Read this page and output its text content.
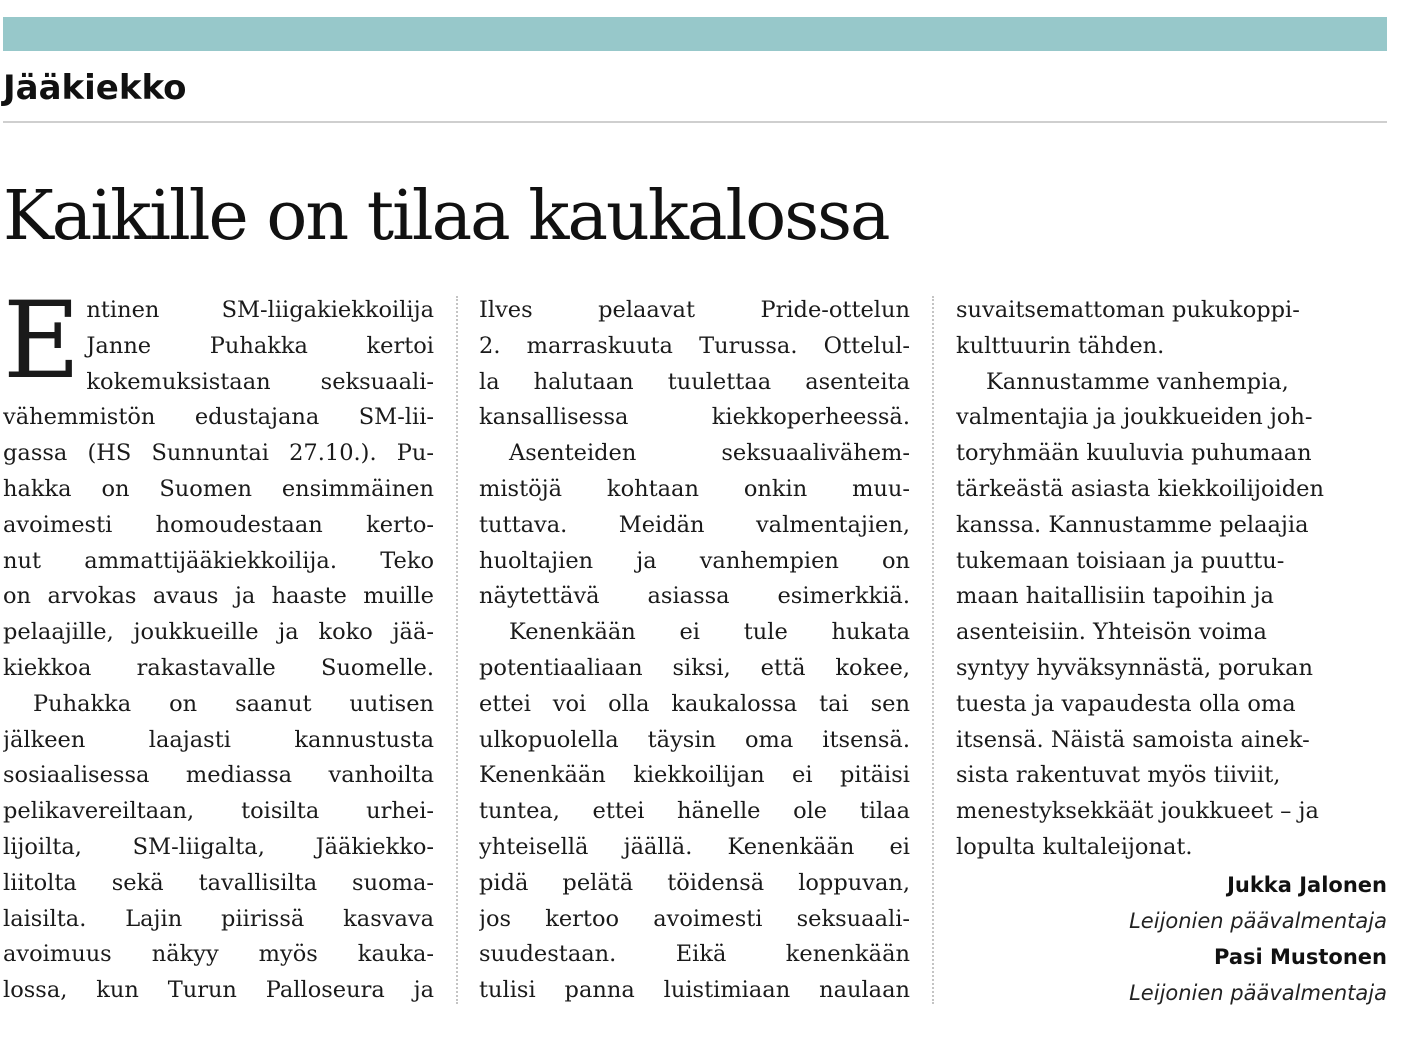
Jääkiekko
Kaikille on tilaa kaukalossa
E ntinen SM-liigakiekkoilija
Janne Puhakka kertoi
kokemuksistaan seksuaali-
vähemmistön edustajana SM-lii-
gassa (HS Sunnuntai 27.10.). Pu-
hakka on Suomen ensimmäinen
avoimesti homoudestaan kerto-
nut ammattijääkiekkoilija. Teko
on arvokas avaus ja haaste muille
pelaajille, joukkueille ja koko jää-
kiekkoa rakastavalle Suomelle.

Puhakka on saanut uutisen
jälkeen laajasti kannustusta
sosiaalisessa mediassa vanhoilta
pelikavereiltaan, toisilta urhei-
lijoilta, SM-liigalta, Jääkiekko-
liitolta sekä tavallisilta suoma-
laisilta. Lajin piirissä kasvava
avoimuus näkyy myös kauka-
lossa, kun Turun Palloseura ja

Ilves pelaavat Pride-ottelun
2. marraskuuta Turussa. Ottelul-
la halutaan tuulettaa asenteita
kansallisessa kiekkoperheessä.

Asenteiden seksuaalivähem-
mistöjä kohtaan onkin muu-
tuttava. Meidän valmentajien,
huoltajien ja vanhempien on
näytettävä asiassa esimerkkiä.

Kenenkään ei tule hukata
potentiaaliaan siksi, että kokee,
ettei voi olla kaukalossa tai sen
ulkopuolella täysin oma itsensä.
Kenenkään kiekkoilijan ei pitäisi
tuntea, ettei hänelle ole tilaa
yhteisellä jäällä. Kenenkään ei
pidä pelätä töidensä loppuvan,
jos kertoo avoimesti seksuaali-
suudestaan. Eikä kenenkään
tulisi panna luistimiaan naulaan

suvaitsemattoman pukukoppi-
kulttuurin tähden.

Kannustamme vanhempia,
valmentajia ja joukkueiden joh-
toryhmään kuuluvia puhumaan
tärkeästä asiasta kiekkoilijoiden
kanssa. Kannustamme pelaajia
tukemaan toisiaan ja puuttu-
maan haitallisiin tapoihin ja
asenteisiin. Yhteisön voima
syntyy hyväksynnästä, porukan
tuesta ja vapaudesta olla oma
itsensä. Näistä samoista ainek-
sista rakentuvat myös tiiviit,
menestyksekkäät joukkueet – ja
lopulta kultaleijonat.

Jukka Jalonen
Leijonien päävalmentaja
Pasi Mustonen
Leijonien päävalmentaja
